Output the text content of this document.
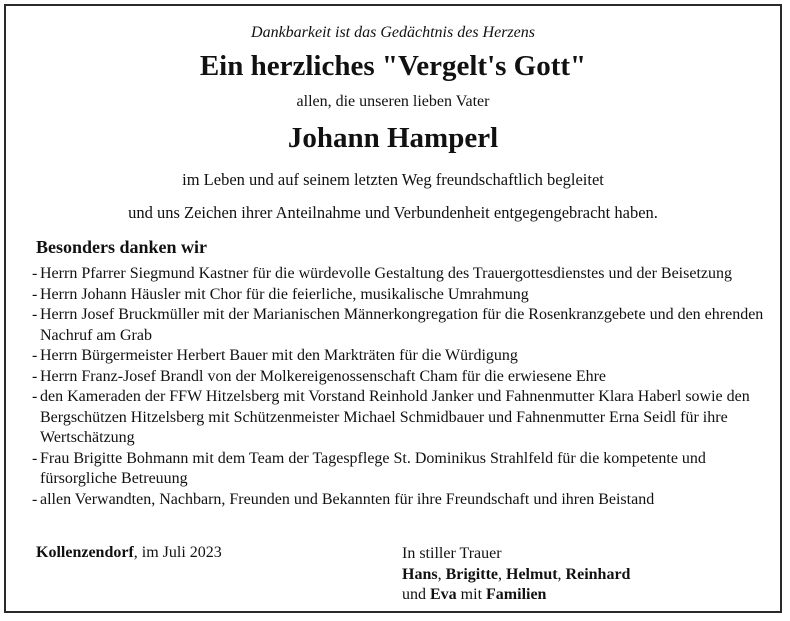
Dankbarkeit ist das Gedächtnis des Herzens
Ein herzliches "Vergelt's Gott"
allen, die unseren lieben Vater
Johann Hamperl
im Leben und auf seinem letzten Weg freundschaftlich begleitet
und uns Zeichen ihrer Anteilnahme und Verbundenheit entgegengebracht haben.
Besonders danken wir
- Herrn Pfarrer Siegmund Kastner für die würdevolle Gestaltung des Trauergottesdienstes und der Beisetzung
- Herrn Johann Häusler mit Chor für die feierliche, musikalische Umrahmung
- Herrn Josef Bruckmüller mit der Marianischen Männerkongregation für die Rosenkranzgebete und den ehrenden Nachruf am Grab
- Herrn Bürgermeister Herbert Bauer mit den Markträten für die Würdigung
- Herrn Franz-Josef Brandl von der Molkereigenossenschaft Cham für die erwiesene Ehre
- den Kameraden der FFW Hitzelsberg mit Vorstand Reinhold Janker und Fahnenmutter Klara Haberl sowie den Bergschützen Hitzelsberg mit Schützenmeister Michael Schmidbauer und Fahnenmutter Erna Seidl für ihre Wertschätzung
- Frau Brigitte Bohmann mit dem Team der Tagespflege St. Dominikus Strahlfeld für die kompetente und fürsorgliche Betreuung
- allen Verwandten, Nachbarn, Freunden und Bekannten für ihre Freundschaft und ihren Beistand
Kollenzendorf, im Juli 2023	In stiller Trauer
Hans, Brigitte, Helmut, Reinhard
und Eva mit Familien
